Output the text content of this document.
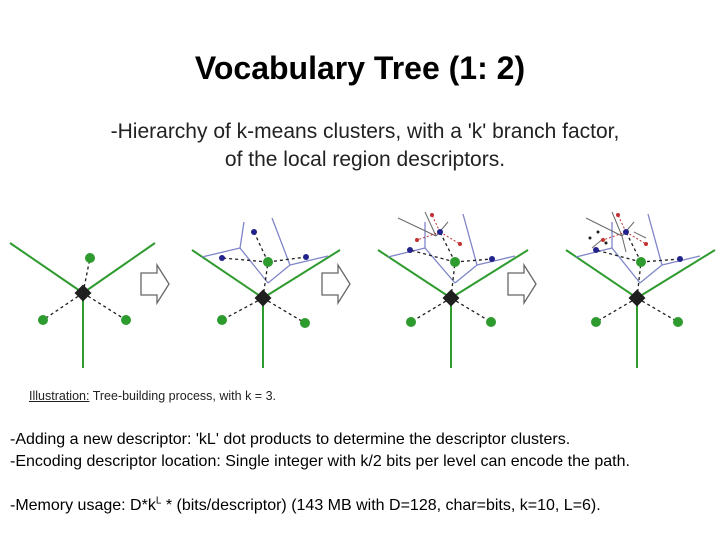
Vocabulary Tree (1: 2)
-Hierarchy of k-means clusters, with a 'k' branch factor,
of the local region descriptors.
Illustration: Tree-building process, with k = 3.
-Adding a new descriptor: 'kL' dot products to determine the descriptor clusters.
-Encoding descriptor location: Single integer with k/2 bits per level can encode the path.
-Memory usage: $D*k^L$ * (bits/descriptor) (143 MB with D=128, char=bits, k=10, L=6).
